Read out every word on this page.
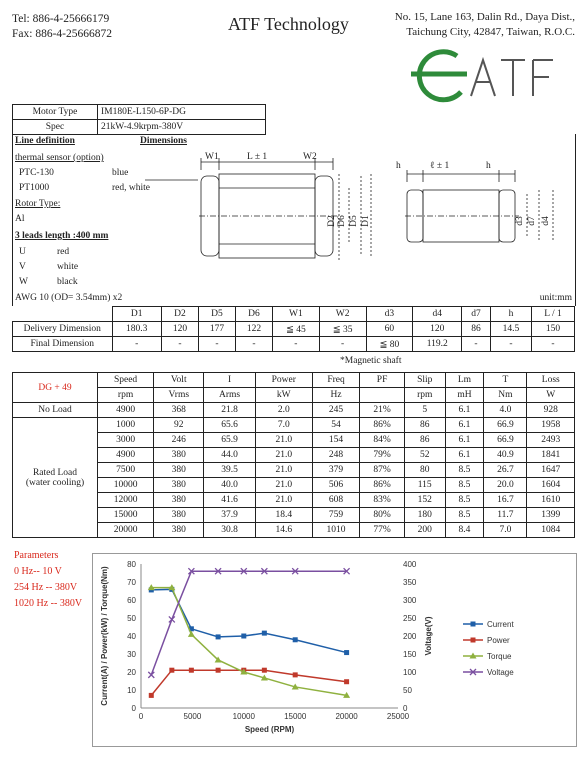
Tel: 886-4-25666179
Fax: 886-4-25666872	ATF Technology	No. 15, Lane 163, Dalin Rd., Daya Dist.,
Taichung City, 42847, Taiwan, R.O.C.
Motor Type	IM180E-L150-6P-DG
Spec	21kW-4.9krpm-380V
Line definition	Dimensions
thermal sensor (option)
PTC-130	blue
PT1000	red, white
Rotor Type:
Al
3 leads length :400 mm
U	red
V	white
W	black
AWG 10 (OD= 3.54mm) x2	unit:mm
W1	L ± 1	W2
D2 D6 D5 D1
h	ℓ ± 1	h
d3 d7 d4
	D1	D2	D5	D6	W1	W2	d3	d4	d7	h	L / 1
Delivery Dimension	180.3	120	177	122	≦ 45	≦ 35	60	120	86	14.5	150
Final Dimension	-	-	-	-	-	-	≦ 80	119.2	-	-	-
*Magnetic shaft
DG + 49	Speed	Volt	I	Power	Freq	PF	Slip	Lm	T	Loss
	rpm	Vrms	Arms	kW	Hz		rpm	mH	Nm	W
No Load	4900	368	21.8	2.0	245	21%	5	6.1	4.0	928

Rated Load
(water cooling)	1000	92	65.6	7.0	54	86%	86	6.1	66.9	1958
	3000	246	65.9	21.0	154	84%	86	6.1	66.9	2493
	4900	380	44.0	21.0	248	79%	52	6.1	40.9	1841
	7500	380	39.5	21.0	379	87%	80	8.5	26.7	1647
	10000	380	40.0	21.0	506	86%	115	8.5	20.0	1604
	12000	380	41.6	21.0	608	83%	152	8.5	16.7	1610
	15000	380	37.9	18.4	759	80%	180	8.5	11.7	1399
	20000	380	30.8	14.6	1010	77%	200	8.4	7.0	1084
Parameters
0 Hz-- 10 V
254 Hz -- 380V
1020 Hz -- 380V
0
10
20
30
40
50
60
70
80
0
50
100
150
200
250
300
350
400
0	5000	10000	15000	20000	25000
Speed (RPM)
Current(A) / Power(kW) / Torque(Nm)	Voltage(V)	Current
Power
Torque
Voltage
